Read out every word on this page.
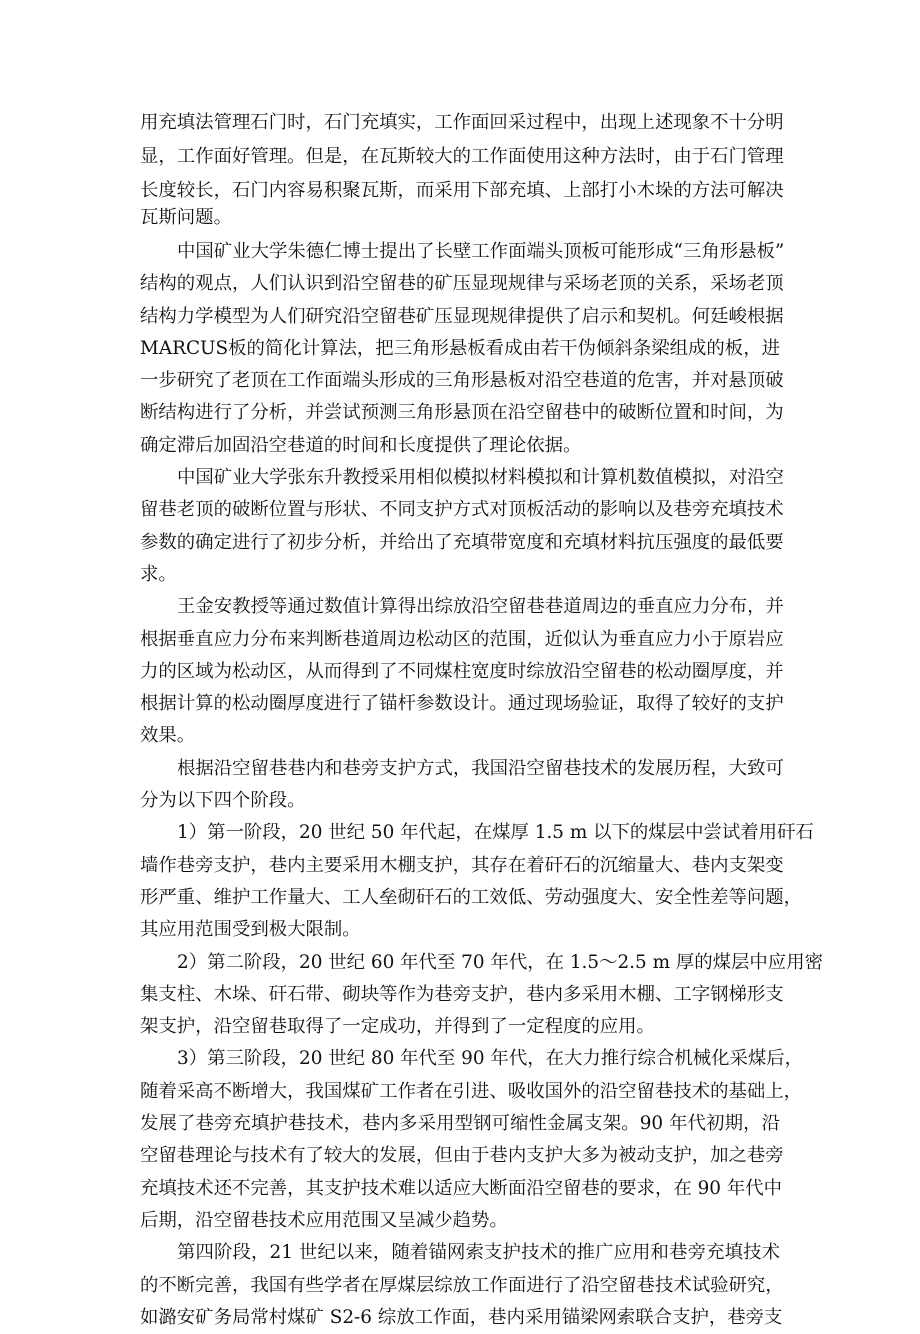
用充填法管理石门时，石门充填实，工作面回采过程中，出现上述现象不十分明
显，工作面好管理。但是，在瓦斯较大的工作面使用这种方法时，由于石门管理
长度较长，石门内容易积聚瓦斯，而采用下部充填、上部打小木垛的方法可解决
瓦斯问题。
中国矿业大学朱德仁博士提出了长壁工作面端头顶板可能形成“三角形悬板”
结构的观点，人们认识到沿空留巷的矿压显现规律与采场老顶的关系，采场老顶
结构力学模型为人们研究沿空留巷矿压显现规律提供了启示和契机。何廷峻根据
MARCUS板的简化计算法，把三角形悬板看成由若干伪倾斜条梁组成的板，进
一步研究了老顶在工作面端头形成的三角形悬板对沿空巷道的危害，并对悬顶破
断结构进行了分析，并尝试预测三角形悬顶在沿空留巷中的破断位置和时间，为
确定滞后加固沿空巷道的时间和长度提供了理论依据。
中国矿业大学张东升教授采用相似模拟材料模拟和计算机数值模拟，对沿空
留巷老顶的破断位置与形状、不同支护方式对顶板活动的影响以及巷旁充填技术
参数的确定进行了初步分析，并给出了充填带宽度和充填材料抗压强度的最低要
求。
王金安教授等通过数值计算得出综放沿空留巷巷道周边的垂直应力分布，并
根据垂直应力分布来判断巷道周边松动区的范围，近似认为垂直应力小于原岩应
力的区域为松动区，从而得到了不同煤柱宽度时综放沿空留巷的松动圈厚度，并
根据计算的松动圈厚度进行了锚杆参数设计。通过现场验证，取得了较好的支护
效果。
根据沿空留巷巷内和巷旁支护方式，我国沿空留巷技术的发展历程，大致可
分为以下四个阶段。
1）第一阶段，20 世纪 50 年代起，在煤厚 1.5 m 以下的煤层中尝试着用矸石
墙作巷旁支护，巷内主要采用木棚支护，其存在着矸石的沉缩量大、巷内支架变
形严重、维护工作量大、工人垒砌矸石的工效低、劳动强度大、安全性差等问题，
其应用范围受到极大限制。
2）第二阶段，20 世纪 60 年代至 70 年代，在 1.5～2.5 m 厚的煤层中应用密
集支柱、木垛、矸石带、砌块等作为巷旁支护，巷内多采用木棚、工字钢梯形支
架支护，沿空留巷取得了一定成功，并得到了一定程度的应用。
3）第三阶段，20 世纪 80 年代至 90 年代，在大力推行综合机械化采煤后，
随着采高不断增大，我国煤矿工作者在引进、吸收国外的沿空留巷技术的基础上，
发展了巷旁充填护巷技术，巷内多采用型钢可缩性金属支架。90 年代初期，沿
空留巷理论与技术有了较大的发展，但由于巷内支护大多为被动支护，加之巷旁
充填技术还不完善，其支护技术难以适应大断面沿空留巷的要求，在 90 年代中
后期，沿空留巷技术应用范围又呈减少趋势。
第四阶段，21 世纪以来，随着锚网索支护技术的推广应用和巷旁充填技术
的不断完善，我国有些学者在厚煤层综放工作面进行了沿空留巷技术试验研究，
如潞安矿务局常村煤矿 S2-6 综放工作面，巷内采用锚梁网索联合支护，巷旁支
